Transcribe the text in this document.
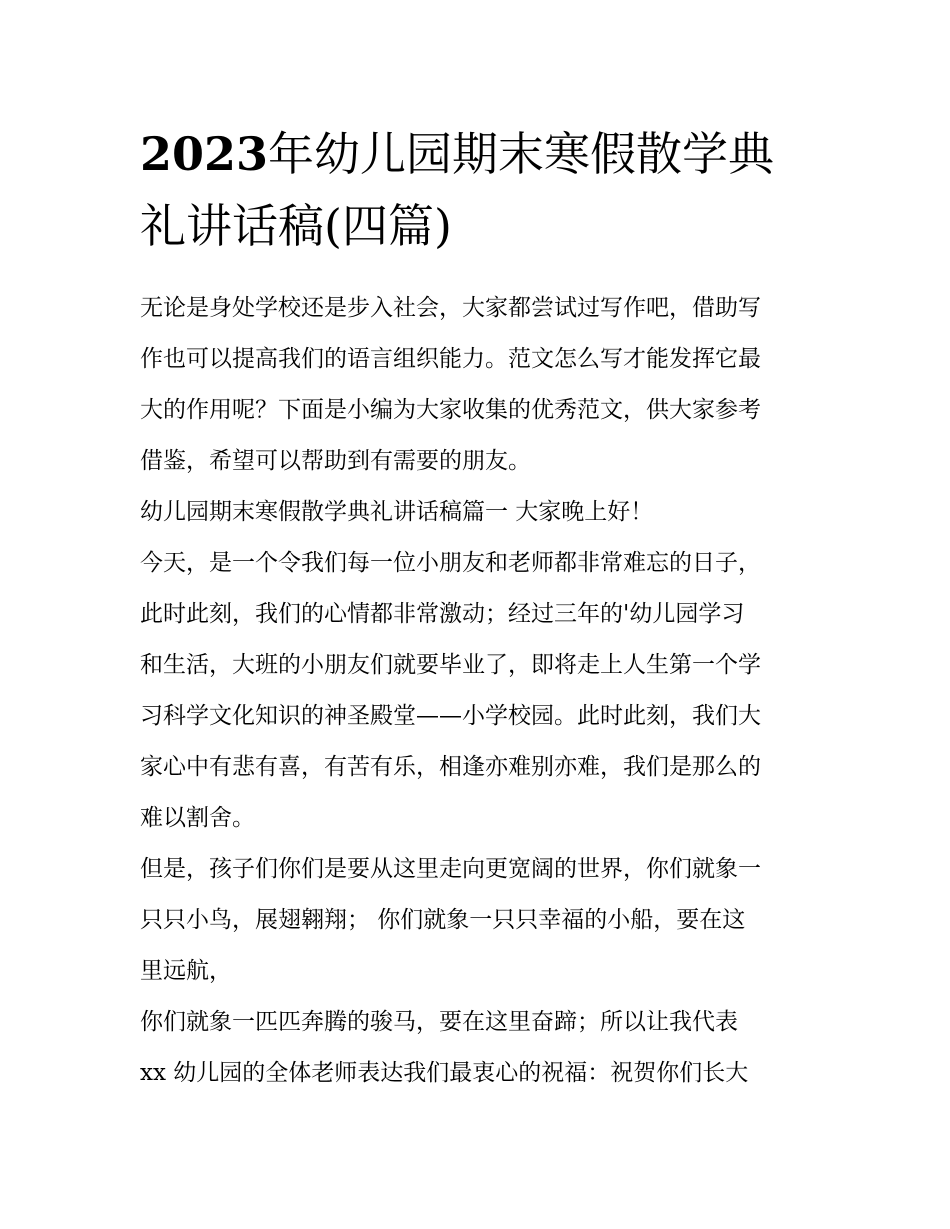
2023年幼儿园期末寒假散学典
礼讲话稿(四篇)
无论是身处学校还是步入社会，大家都尝试过写作吧，借助写
作也可以提高我们的语言组织能力。范文怎么写才能发挥它最
大的作用呢？下面是小编为大家收集的优秀范文，供大家参考
借鉴，希望可以帮助到有需要的朋友。
幼儿园期末寒假散学典礼讲话稿篇一 大家晚上好！
今天，是一个令我们每一位小朋友和老师都非常难忘的日子，
此时此刻，我们的心情都非常激动；经过三年的'幼儿园学习
和生活，大班的小朋友们就要毕业了，即将走上人生第一个学
习科学文化知识的神圣殿堂——小学校园。此时此刻，我们大
家心中有悲有喜，有苦有乐，相逢亦难别亦难，我们是那么的
难以割舍。
但是，孩子们你们是要从这里走向更宽阔的世界，你们就象一
只只小鸟，展翅翱翔； 你们就象一只只幸福的小船，要在这
里远航，
你们就象一匹匹奔腾的骏马，要在这里奋蹄；所以让我代表
xx 幼儿园的全体老师表达我们最衷心的祝福：祝贺你们长大
